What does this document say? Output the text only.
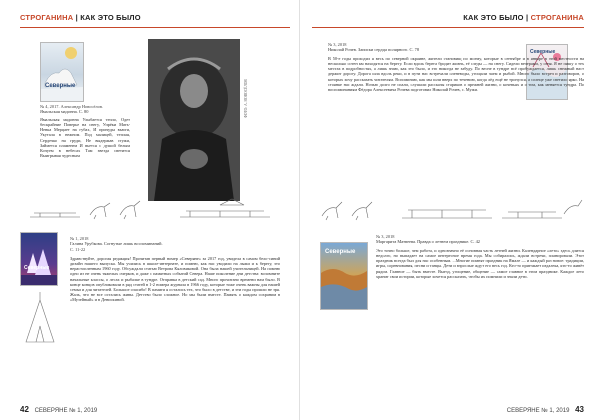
СТРОГАНИНА | КАК ЭТО БЫЛО
Северные
№ 4, 2017. Александр Новосёлов.
Ямальская мадонна. С. 80
Ямальская мадонна Улыбается тепло, Одет бескрайние Поверье на снегу, Упрёки Мать-Ненка Мерцает на губах, И причуды вьюги, Укутала в нежном. Под малицей, теплая, Сердечко на груди, Не выдержав стужи, Займется пламенем И вьется с душой белым Кочуем в небесах Там звезда светится Выигрывая чудесным
ФОТО: А. НОВОСЁЛОВ
Северные
№ 1, 2018
Галина Урубкова. Согнутые лишь воспоминаний.
С. 11-22
Здравствуйте, дорогая редакция! Прочитав первый номер «Северяне» за 2017 год, увидела в самом бело-синий дизайн нашего выпуска. Мы учились в школе-интернате, и помню, как нас уводили на лыжи и к берегу, это нерастопленным 1960 году. Обсуждали статью Ветрова Кяловиковой. Она была нашей учительницей. На помню одно из не очень тяжелых очерков, и даже с памятных событий Севера. Наше поколение дни детства: вспомните начальные классы, о лесах и рыбалке в тундре. Отправка в детский сад. Много прочитано времени нам было. В конце концов опубликовали в ряд статей в 1-2 номера журнала в 1966 году, которые тоже очень важны для нашей семьи и для читателей. Большое спасибо! В памяти я остались тех, что было в детстве, и эти годы прошли не зря. Жаль, что не все остались живы. Детство было сложное. Но мы были вместе. Память о каждом сохраним в «Музейный» и в Денискиной.
42 СЕВЕРЯНЕ № 1, 2019
КАК ЭТО БЫЛО | СТРОГАНИНА
Северные
№ 3, 2018
Николай Рочев. Записки сердца полярного. С. 78
В 50-е годы проходил я весь по северной окраине, жители становищ по моему, которые в сентябре и в январе в этой местности на несколько сотен км находятся на берегу. Если вдоль берега бродит жизнь, её следы — на снегу. Сидели вечерами, у огня. Я не пишу о тех местах в подробностях, а лишь знаю, как это было, и это никогда не забуду. По весне в тундре всё пробуждается, лишь снежный наст держит дорогу. Дорога шла вдоль реки, и в пути нас встречали оленеводы, угощали чаем и рыбой. Много было встреч и разговоров, о которых хочу рассказать читателям. Вспоминаю, как мы шли вверх по течению, когда лёд ещё не тронулся, а солнце уже светило ярко. На стоянке нас ждали. Ночью долго не спали, слушали рассказы стариков о прежней жизни, о кочевьях и о том, как меняется тундра. По воспоминаниям Фёдора Алексеевича Рочева подготовил Николай Рочев, с. Мужи.
Северные
№ 3, 2018
Маргарита Матвеева. Правда о летнем празднике. С. 42
Это точно больше, чем работа, и однозначно её основная часть летней жизни. Календарное «лето» здесь длится недолго, но выпадает на самое интересное время года. Мы собирались, ждали встречи, планировали. Этот праздник всегда был для нас особенным. ...Многие помнят праздник на Ямале — и каждый раз новое: традиции, игры, соревнования, песни и танцы. Дети и взрослые ждут его весь год. Кто-то приезжает издалека, кто-то живёт рядом. Главное — быть вместе. Выезд, угощение, общение — самое главное в этом празднике. Каждое лето хранит свои истории, которые хочется рассказать, чтобы их помнили и знали дети.
СЕВЕРЯНЕ № 1, 2019 43
